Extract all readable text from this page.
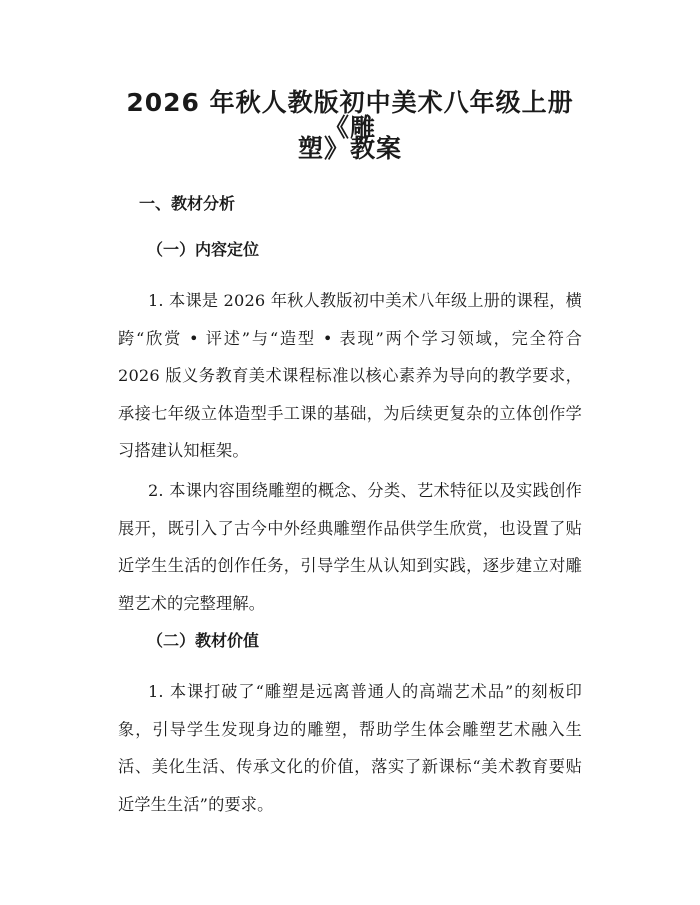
2026 年秋人教版初中美术八年级上册《雕
塑》教案
一、教材分析
（一）内容定位

1. 本课是 2026 年秋人教版初中美术八年级上册的课程，横跨“欣赏 • 评述”与“造型 • 表现”两个学习领域，完全符合 2026 版义务教育美术课程标准以核心素养为导向的教学要求，承接七年级立体造型手工课的基础，为后续更复杂的立体创作学习搭建认知框架。

2. 本课内容围绕雕塑的概念、分类、艺术特征以及实践创作展开，既引入了古今中外经典雕塑作品供学生欣赏，也设置了贴近学生生活的创作任务，引导学生从认知到实践，逐步建立对雕塑艺术的完整理解。

（二）教材价值

1. 本课打破了“雕塑是远离普通人的高端艺术品”的刻板印象，引导学生发现身边的雕塑，帮助学生体会雕塑艺术融入生活、美化生活、传承文化的价值，落实了新课标“美术教育要贴近学生生活”的要求。
